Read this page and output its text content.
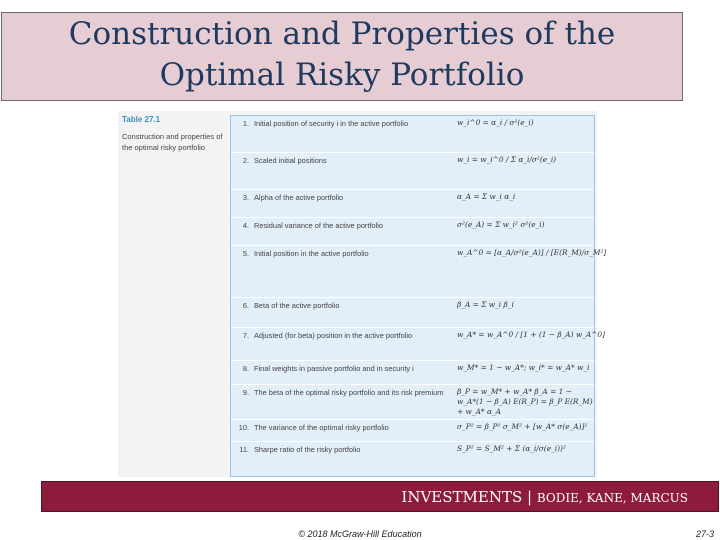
Construction and Properties of the
Optimal Risky Portfolio
Table 27.1
Construction and properties of the optimal risky portfolio
1. Initial position of security i in the active portfolio	w_i^0 = α_i / σ²(e_i)
2. Scaled initial positions	w_i = w_i^0 / Σ α_i/σ²(e_i)
3. Alpha of the active portfolio	α_A = Σ w_i α_i
4. Residual variance of the active portfolio	σ²(e_A) = Σ w_i² σ²(e_i)
5. Initial position in the active portfolio	w_A^0 = [α_A/σ²(e_A)] / [E(R_M)/σ_M²]
6. Beta of the active portfolio	β_A = Σ w_i β_i
7. Adjusted (for beta) position in the active portfolio	w_A* = w_A^0 / [1 + (1 − β_A) w_A^0]
8. Final weights in passive portfolio and in security i	w_M* = 1 − w_A*; w_i* = w_A* w_i
9. The beta of the optimal risky portfolio and its risk premium	β_P = w_M* + w_A* β_A = 1 − w_A*(1 − β_A) E(R_P) = β_P E(R_M) + w_A* α_A
10. The variance of the optimal risky portfolio	σ_P² = β_P² σ_M² + [w_A* σ(e_A)]²
11. Sharpe ratio of the risky portfolio	S_P² = S_M² + Σ (α_i/σ(e_i))²
INVESTMENTS | BODIE, KANE, MARCUS
© 2018 McGraw-Hill Education	27-3
